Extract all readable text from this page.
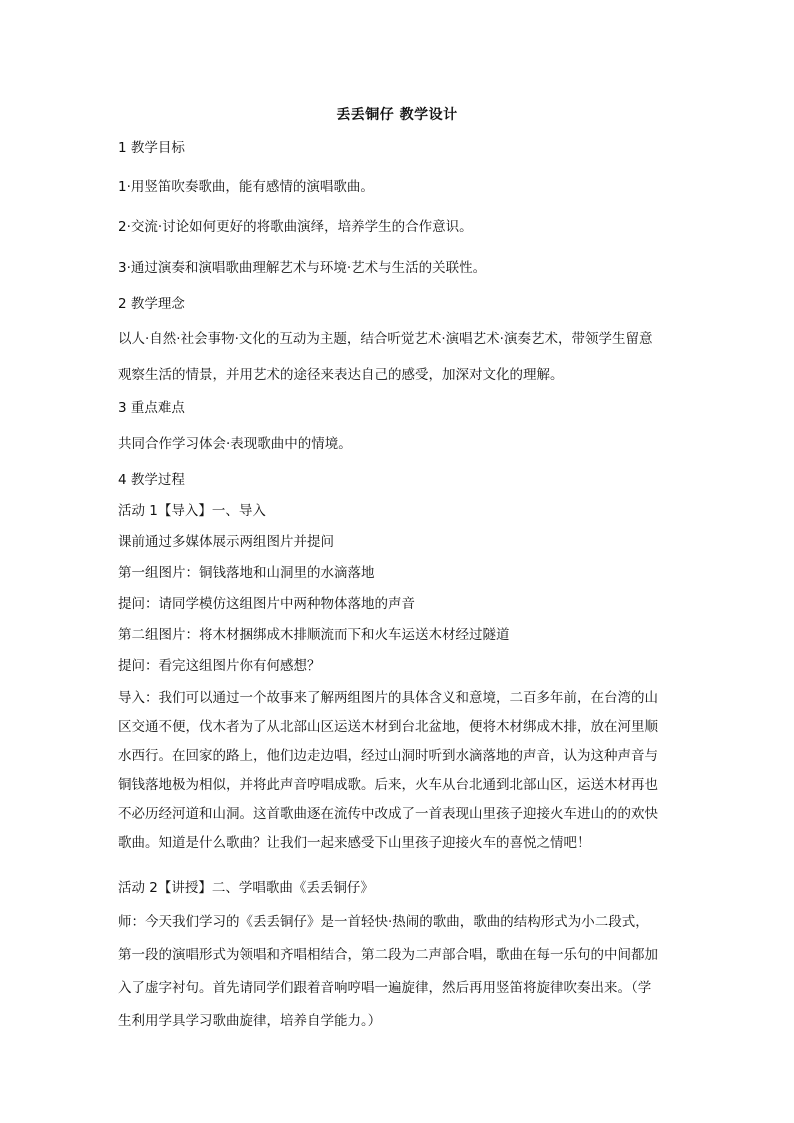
丢丢铜仔 教学设计
1 教学目标
1·用竖笛吹奏歌曲，能有感情的演唱歌曲。
2·交流·讨论如何更好的将歌曲演绎，培养学生的合作意识。
3·通过演奏和演唱歌曲理解艺术与环境·艺术与生活的关联性。
2 教学理念
以人·自然·社会事物·文化的互动为主题，结合听觉艺术·演唱艺术·演奏艺术，带领学生留意
观察生活的情景，并用艺术的途径来表达自己的感受，加深对文化的理解。
3 重点难点
共同合作学习体会·表现歌曲中的情境。
4 教学过程
活动 1【导入】一、导入
课前通过多媒体展示两组图片并提问
第一组图片：铜钱落地和山洞里的水滴落地
提问：请同学模仿这组图片中两种物体落地的声音
第二组图片：将木材捆绑成木排顺流而下和火车运送木材经过隧道
提问：看完这组图片你有何感想？
导入：我们可以通过一个故事来了解两组图片的具体含义和意境，二百多年前，在台湾的山
区交通不便，伐木者为了从北部山区运送木材到台北盆地，便将木材绑成木排，放在河里顺
水西行。在回家的路上，他们边走边唱，经过山洞时听到水滴落地的声音，认为这种声音与
铜钱落地极为相似，并将此声音哼唱成歌。后来，火车从台北通到北部山区，运送木材再也
不必历经河道和山洞。这首歌曲逐在流传中改成了一首表现山里孩子迎接火车进山的的欢快
歌曲。知道是什么歌曲？让我们一起来感受下山里孩子迎接火车的喜悦之情吧！
活动 2【讲授】二、学唱歌曲《丢丢铜仔》
师：今天我们学习的《丢丢铜仔》是一首轻快·热闹的歌曲，歌曲的结构形式为小二段式，
第一段的演唱形式为领唱和齐唱相结合，第二段为二声部合唱，歌曲在每一乐句的中间都加
入了虚字衬句。首先请同学们跟着音响哼唱一遍旋律，然后再用竖笛将旋律吹奏出来。（学
生利用学具学习歌曲旋律，培养自学能力。）
